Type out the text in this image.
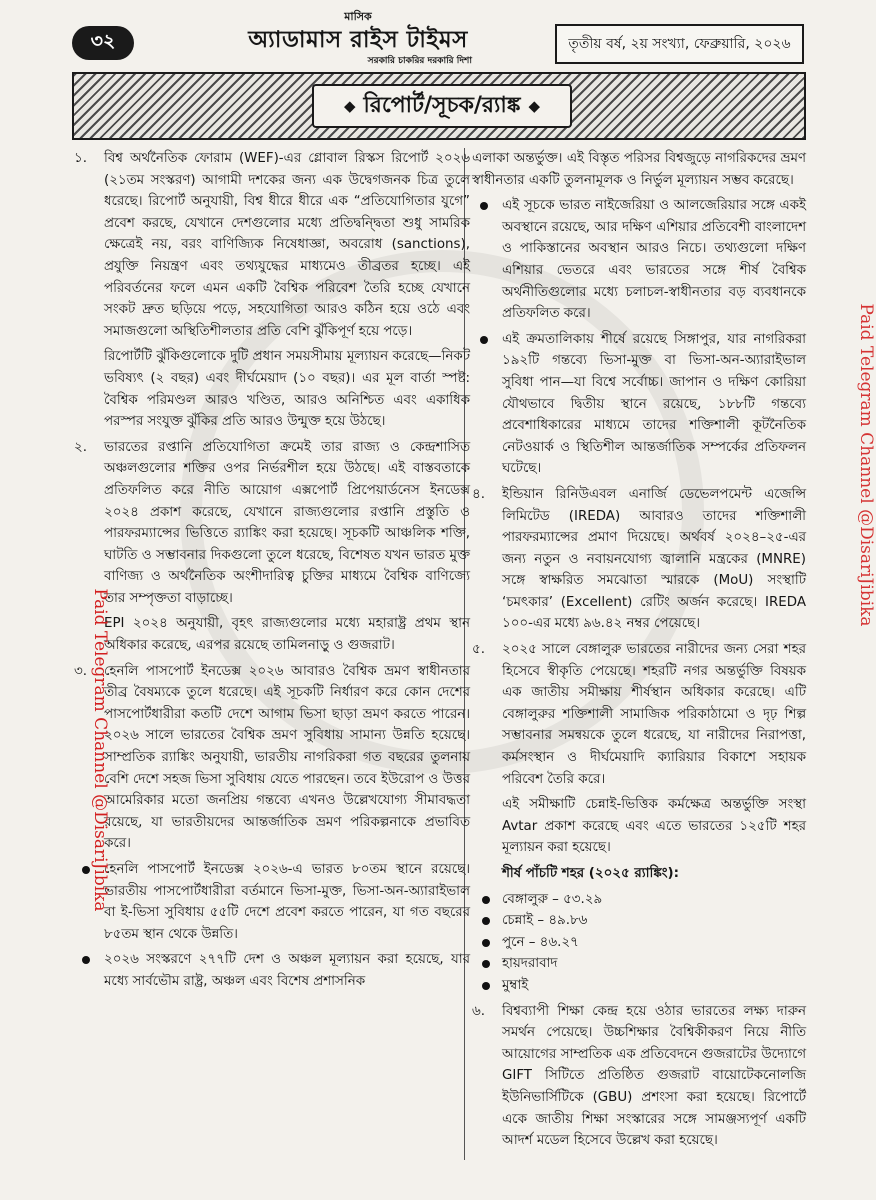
৩২
মাসিক
অ্যাডামাস রাইস টাইমস
সরকারি চাকরির দরকারি দিশা
তৃতীয় বর্ষ, ২য় সংখ্যা, ফেব্রুয়ারি, ২০২৬
◆ রিপোর্ট/সূচক/র‍্যাঙ্ক ◆
১. বিশ্ব অর্থনৈতিক ফোরাম (WEF)-এর গ্লোবাল রিস্কস রিপোর্ট ২০২৬ (২১তম সংস্করণ) আগামী দশকের জন্য এক উদ্বেগজনক চিত্র তুলে ধরেছে। রিপোর্ট অনুযায়ী, বিশ্ব ধীরে ধীরে এক “প্রতিযোগিতার যুগে” প্রবেশ করছে, যেখানে দেশগুলোর মধ্যে প্রতিদ্বন্দ্বিতা শুধু সামরিক ক্ষেত্রেই নয়, বরং বাণিজ্যিক নিষেধাজ্ঞা, অবরোধ (sanctions), প্রযুক্তি নিয়ন্ত্রণ এবং তথ্যযুদ্ধের মাধ্যমেও তীব্রতর হচ্ছে। এই পরিবর্তনের ফলে এমন একটি বৈশ্বিক পরিবেশ তৈরি হচ্ছে যেখানে সংকট দ্রুত ছড়িয়ে পড়ে, সহযোগিতা আরও কঠিন হয়ে ওঠে এবং সমাজগুলো অস্থিতিশীলতার প্রতি বেশি ঝুঁকিপূর্ণ হয়ে পড়ে।
রিপোর্টটি ঝুঁকিগুলোকে দুটি প্রধান সময়সীমায় মূল্যায়ন করেছে—নিকট ভবিষ্যৎ (২ বছর) এবং দীর্ঘমেয়াদ (১০ বছর)। এর মূল বার্তা স্পষ্ট: বৈশ্বিক পরিমণ্ডল আরও খণ্ডিত, আরও অনিশ্চিত এবং একাধিক পরস্পর সংযুক্ত ঝুঁকির প্রতি আরও উন্মুক্ত হয়ে উঠছে।
২. ভারতের রপ্তানি প্রতিযোগিতা ক্রমেই তার রাজ্য ও কেন্দ্রশাসিত অঞ্চলগুলোর শক্তির ওপর নির্ভরশীল হয়ে উঠছে। এই বাস্তবতাকে প্রতিফলিত করে নীতি আয়োগ এক্সপোর্ট প্রিপেয়ার্ডনেস ইনডেক্স ২০২৪ প্রকাশ করেছে, যেখানে রাজ্যগুলোর রপ্তানি প্রস্তুতি ও পারফরম্যান্সের ভিত্তিতে র‍্যাঙ্কিং করা হয়েছে। সূচকটি আঞ্চলিক শক্তি, ঘাটতি ও সম্ভাবনার দিকগুলো তুলে ধরেছে, বিশেষত যখন ভারত মুক্ত বাণিজ্য ও অর্থনৈতিক অংশীদারিত্ব চুক্তির মাধ্যমে বৈশ্বিক বাণিজ্যে তার সম্পৃক্ততা বাড়াচ্ছে।
EPI ২০২৪ অনুযায়ী, বৃহৎ রাজ্যগুলোর মধ্যে মহারাষ্ট্র প্রথম স্থান অধিকার করেছে, এরপর রয়েছে তামিলনাড়ু ও গুজরাট।
৩. হেনলি পাসপোর্ট ইনডেক্স ২০২৬ আবারও বৈশ্বিক ভ্রমণ স্বাধীনতার তীব্র বৈষম্যকে তুলে ধরেছে। এই সূচকটি নির্ধারণ করে কোন দেশের পাসপোর্টধারীরা কতটি দেশে আগাম ভিসা ছাড়া ভ্রমণ করতে পারেন। ২০২৬ সালে ভারতের বৈশ্বিক ভ্রমণ সুবিধায় সামান্য উন্নতি হয়েছে। সাম্প্রতিক র‍্যাঙ্কিং অনুযায়ী, ভারতীয় নাগরিকরা গত বছরের তুলনায় বেশি দেশে সহজ ভিসা সুবিধায় যেতে পারছেন। তবে ইউরোপ ও উত্তর আমেরিকার মতো জনপ্রিয় গন্তব্যে এখনও উল্লেখযোগ্য সীমাবদ্ধতা রয়েছে, যা ভারতীয়দের আন্তর্জাতিক ভ্রমণ পরিকল্পনাকে প্রভাবিত করে।
হেনলি পাসপোর্ট ইনডেক্স ২০২৬-এ ভারত ৮০তম স্থানে রয়েছে। ভারতীয় পাসপোর্টধারীরা বর্তমানে ভিসা-মুক্ত, ভিসা-অন-অ্যারাইভাল বা ই-ভিসা সুবিধায় ৫৫টি দেশে প্রবেশ করতে পারেন, যা গত বছরের ৮৫তম স্থান থেকে উন্নতি।
২০২৬ সংস্করণে ২৭৭টি দেশ ও অঞ্চল মূল্যায়ন করা হয়েছে, যার মধ্যে সার্বভৌম রাষ্ট্র, অঞ্চল এবং বিশেষ প্রশাসনিক
এলাকা অন্তর্ভুক্ত। এই বিস্তৃত পরিসর বিশ্বজুড়ে নাগরিকদের ভ্রমণ স্বাধীনতার একটি তুলনামূলক ও নির্ভুল মূল্যায়ন সম্ভব করেছে।
এই সূচকে ভারত নাইজেরিয়া ও আলজেরিয়ার সঙ্গে একই অবস্থানে রয়েছে, আর দক্ষিণ এশিয়ার প্রতিবেশী বাংলাদেশ ও পাকিস্তানের অবস্থান আরও নিচে। তথ্যগুলো দক্ষিণ এশিয়ার ভেতরে এবং ভারতের সঙ্গে শীর্ষ বৈশ্বিক অর্থনীতিগুলোর মধ্যে চলাচল-স্বাধীনতার বড় ব্যবধানকে প্রতিফলিত করে।
এই ক্রমতালিকায় শীর্ষে রয়েছে সিঙ্গাপুর, যার নাগরিকরা ১৯২টি গন্তব্যে ভিসা-মুক্ত বা ভিসা-অন-অ্যারাইভাল সুবিধা পান—যা বিশ্বে সর্বোচ্চ। জাপান ও দক্ষিণ কোরিয়া যৌথভাবে দ্বিতীয় স্থানে রয়েছে, ১৮৮টি গন্তব্যে প্রবেশাধিকারের মাধ্যমে তাদের শক্তিশালী কূটনৈতিক নেটওয়ার্ক ও স্থিতিশীল আন্তর্জাতিক সম্পর্কের প্রতিফলন ঘটেছে।
৪. ইন্ডিয়ান রিনিউএবল এনার্জি ডেভেলপমেন্ট এজেন্সি লিমিটেড (IREDA) আবারও তাদের শক্তিশালী পারফরম্যান্সের প্রমাণ দিয়েছে। অর্থবর্ষ ২০২৪–২৫-এর জন্য নতুন ও নবায়নযোগ্য জ্বালানি মন্ত্রকের (MNRE) সঙ্গে স্বাক্ষরিত সমঝোতা স্মারকে (MoU) সংস্থাটি ‘চমৎকার’ (Excellent) রেটিং অর্জন করেছে। IREDA ১০০-এর মধ্যে ৯৬.৪২ নম্বর পেয়েছে।
৫. ২০২৫ সালে বেঙ্গালুরু ভারতের নারীদের জন্য সেরা শহর হিসেবে স্বীকৃতি পেয়েছে। শহরটি নগর অন্তর্ভুক্তি বিষয়ক এক জাতীয় সমীক্ষায় শীর্ষস্থান অধিকার করেছে। এটি বেঙ্গালুরুর শক্তিশালী সামাজিক পরিকাঠামো ও দৃঢ় শিল্প সম্ভাবনার সমন্বয়কে তুলে ধরেছে, যা নারীদের নিরাপত্তা, কর্মসংস্থান ও দীর্ঘমেয়াদি ক্যারিয়ার বিকাশে সহায়ক পরিবেশ তৈরি করে।
এই সমীক্ষাটি চেন্নাই-ভিত্তিক কর্মক্ষেত্র অন্তর্ভুক্তি সংস্থা Avtar প্রকাশ করেছে এবং এতে ভারতের ১২৫টি শহর মূল্যায়ন করা হয়েছে।
শীর্ষ পাঁচটি শহর (২০২৫ র‍্যাঙ্কিং):
বেঙ্গালুরু – ৫৩.২৯
চেন্নাই – ৪৯.৮৬
পুনে – ৪৬.২৭
হায়দরাবাদ
মুম্বাই
৬. বিশ্বব্যাপী শিক্ষা কেন্দ্র হয়ে ওঠার ভারতের লক্ষ্য দারুন সমর্থন পেয়েছে। উচ্চশিক্ষার বৈশ্বিকীকরণ নিয়ে নীতি আয়োগের সাম্প্রতিক এক প্রতিবেদনে গুজরাটের উদ্যোগে GIFT সিটিতে প্রতিষ্ঠিত গুজরাট বায়োটেকনোলজি ইউনিভার্সিটিকে (GBU) প্রশংসা করা হয়েছে। রিপোর্টে একে জাতীয় শিক্ষা সংস্কারের সঙ্গে সামঞ্জস্যপূর্ণ একটি আদর্শ মডেল হিসেবে উল্লেখ করা হয়েছে।
Paid Telegram Channel @DisariJibika
Paid Telegram Channel @DisariJibika
